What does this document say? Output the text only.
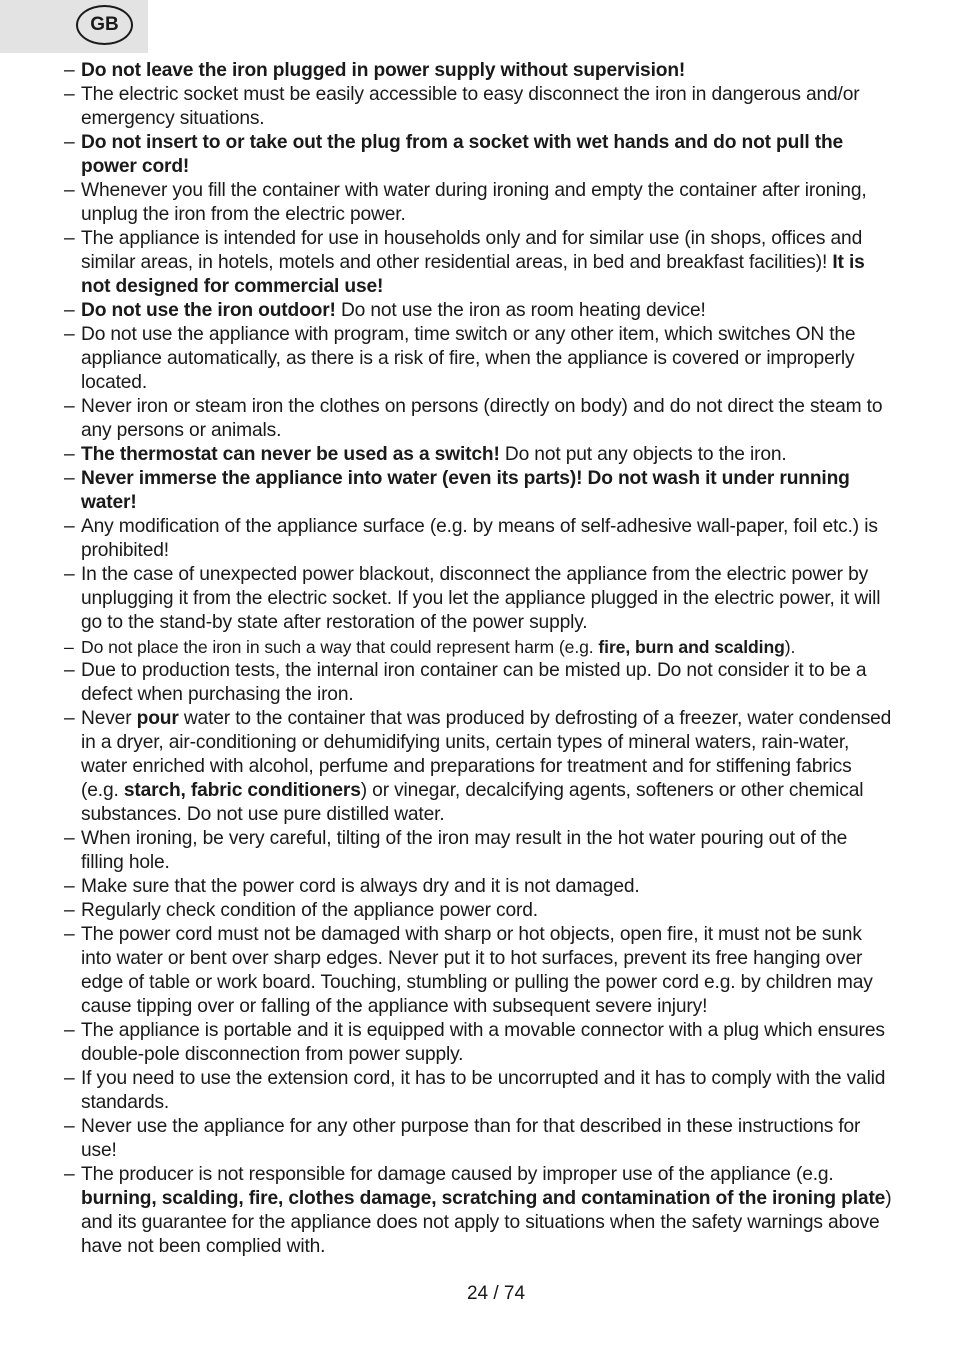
GB
– Do not leave the iron plugged in power supply without supervision!
– The electric socket must be easily accessible to easy disconnect the iron in dangerous and/or emergency situations.
– Do not insert to or take out the plug from a socket with wet hands and do not pull the power cord!
– Whenever you fill the container with water during ironing and empty the container after ironing, unplug the iron from the electric power.
– The appliance is intended for use in households only and for similar use (in shops, offices and similar areas, in hotels, motels and other residential areas, in bed and breakfast facilities)! It is not designed for commercial use!
– Do not use the iron outdoor! Do not use the iron as room heating device!
– Do not use the appliance with program, time switch or any other item, which switches ON the appliance automatically, as there is a risk of fire, when the appliance is covered or improperly located.
– Never iron or steam iron the clothes on persons (directly on body) and do not direct the steam to any persons or animals.
– The thermostat can never be used as a switch! Do not put any objects to the iron.
– Never immerse the appliance into water (even its parts)! Do not wash it under running water!
– Any modification of the appliance surface (e.g. by means of self-adhesive wall-paper, foil etc.) is prohibited!
– In the case of unexpected power blackout, disconnect the appliance from the electric power by unplugging it from the electric socket. If you let the appliance plugged in the electric power, it will go to the stand-by state after restoration of the power supply.
– Do not place the iron in such a way that could represent harm (e.g. fire, burn and scalding).
– Due to production tests, the internal iron container can be misted up. Do not consider it to be a defect when purchasing the iron.
– Never pour water to the container that was produced by defrosting of a freezer, water condensed in a dryer, air-conditioning or dehumidifying units, certain types of mineral waters, rain-water, water enriched with alcohol, perfume and preparations for treatment and for stiffening fabrics (e.g. starch, fabric conditioners) or vinegar, decalcifying agents, softeners or other chemical substances. Do not use pure distilled water.
– When ironing, be very careful, tilting of the iron may result in the hot water pouring out of the filling hole.
– Make sure that the power cord is always dry and it is not damaged.
– Regularly check condition of the appliance power cord.
– The power cord must not be damaged with sharp or hot objects, open fire, it must not be sunk into water or bent over sharp edges. Never put it to hot surfaces, prevent its free hanging over edge of table or work board. Touching, stumbling or pulling the power cord e.g. by children may cause tipping over or falling of the appliance with subsequent severe injury!
– The appliance is portable and it is equipped with a movable connector with a plug which ensures double-pole disconnection from power supply.
– If you need to use the extension cord, it has to be uncorrupted and it has to comply with the valid standards.
– Never use the appliance for any other purpose than for that described in these instructions for use!
– The producer is not responsible for damage caused by improper use of the appliance (e.g. burning, scalding, fire, clothes damage, scratching and contamination of the ironing plate) and its guarantee for the appliance does not apply to situations when the safety warnings above have not been complied with.
24 / 74
